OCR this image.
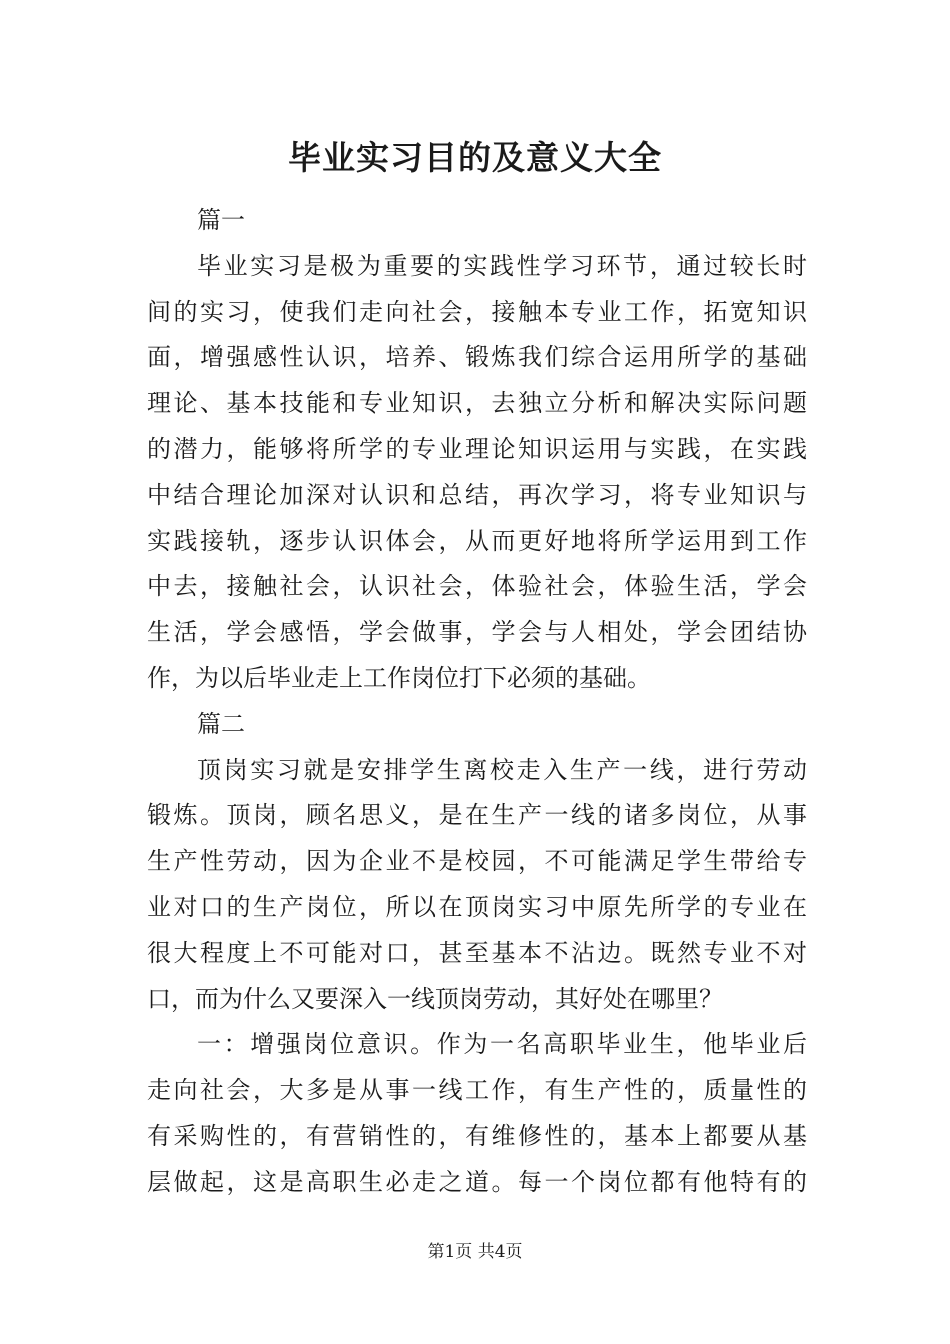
毕业实习目的及意义大全
篇一
毕业实习是极为重要的实践性学习环节，通过较长时
间的实习，使我们走向社会，接触本专业工作，拓宽知识
面，增强感性认识，培养、锻炼我们综合运用所学的基础
理论、基本技能和专业知识，去独立分析和解决实际问题
的潜力，能够将所学的专业理论知识运用与实践，在实践
中结合理论加深对认识和总结，再次学习，将专业知识与
实践接轨，逐步认识体会，从而更好地将所学运用到工作
中去，接触社会，认识社会，体验社会，体验生活，学会
生活，学会感悟，学会做事，学会与人相处，学会团结协
作，为以后毕业走上工作岗位打下必须的基础。
篇二
顶岗实习就是安排学生离校走入生产一线，进行劳动
锻炼。顶岗，顾名思义，是在生产一线的诸多岗位，从事
生产性劳动，因为企业不是校园，不可能满足学生带给专
业对口的生产岗位，所以在顶岗实习中原先所学的专业在
很大程度上不可能对口，甚至基本不沾边。既然专业不对
口，而为什么又要深入一线顶岗劳动，其好处在哪里？
一：增强岗位意识。作为一名高职毕业生，他毕业后
走向社会，大多是从事一线工作，有生产性的，质量性的
有采购性的，有营销性的，有维修性的，基本上都要从基
层做起，这是高职生必走之道。每一个岗位都有他特有的
第1页 共4页
